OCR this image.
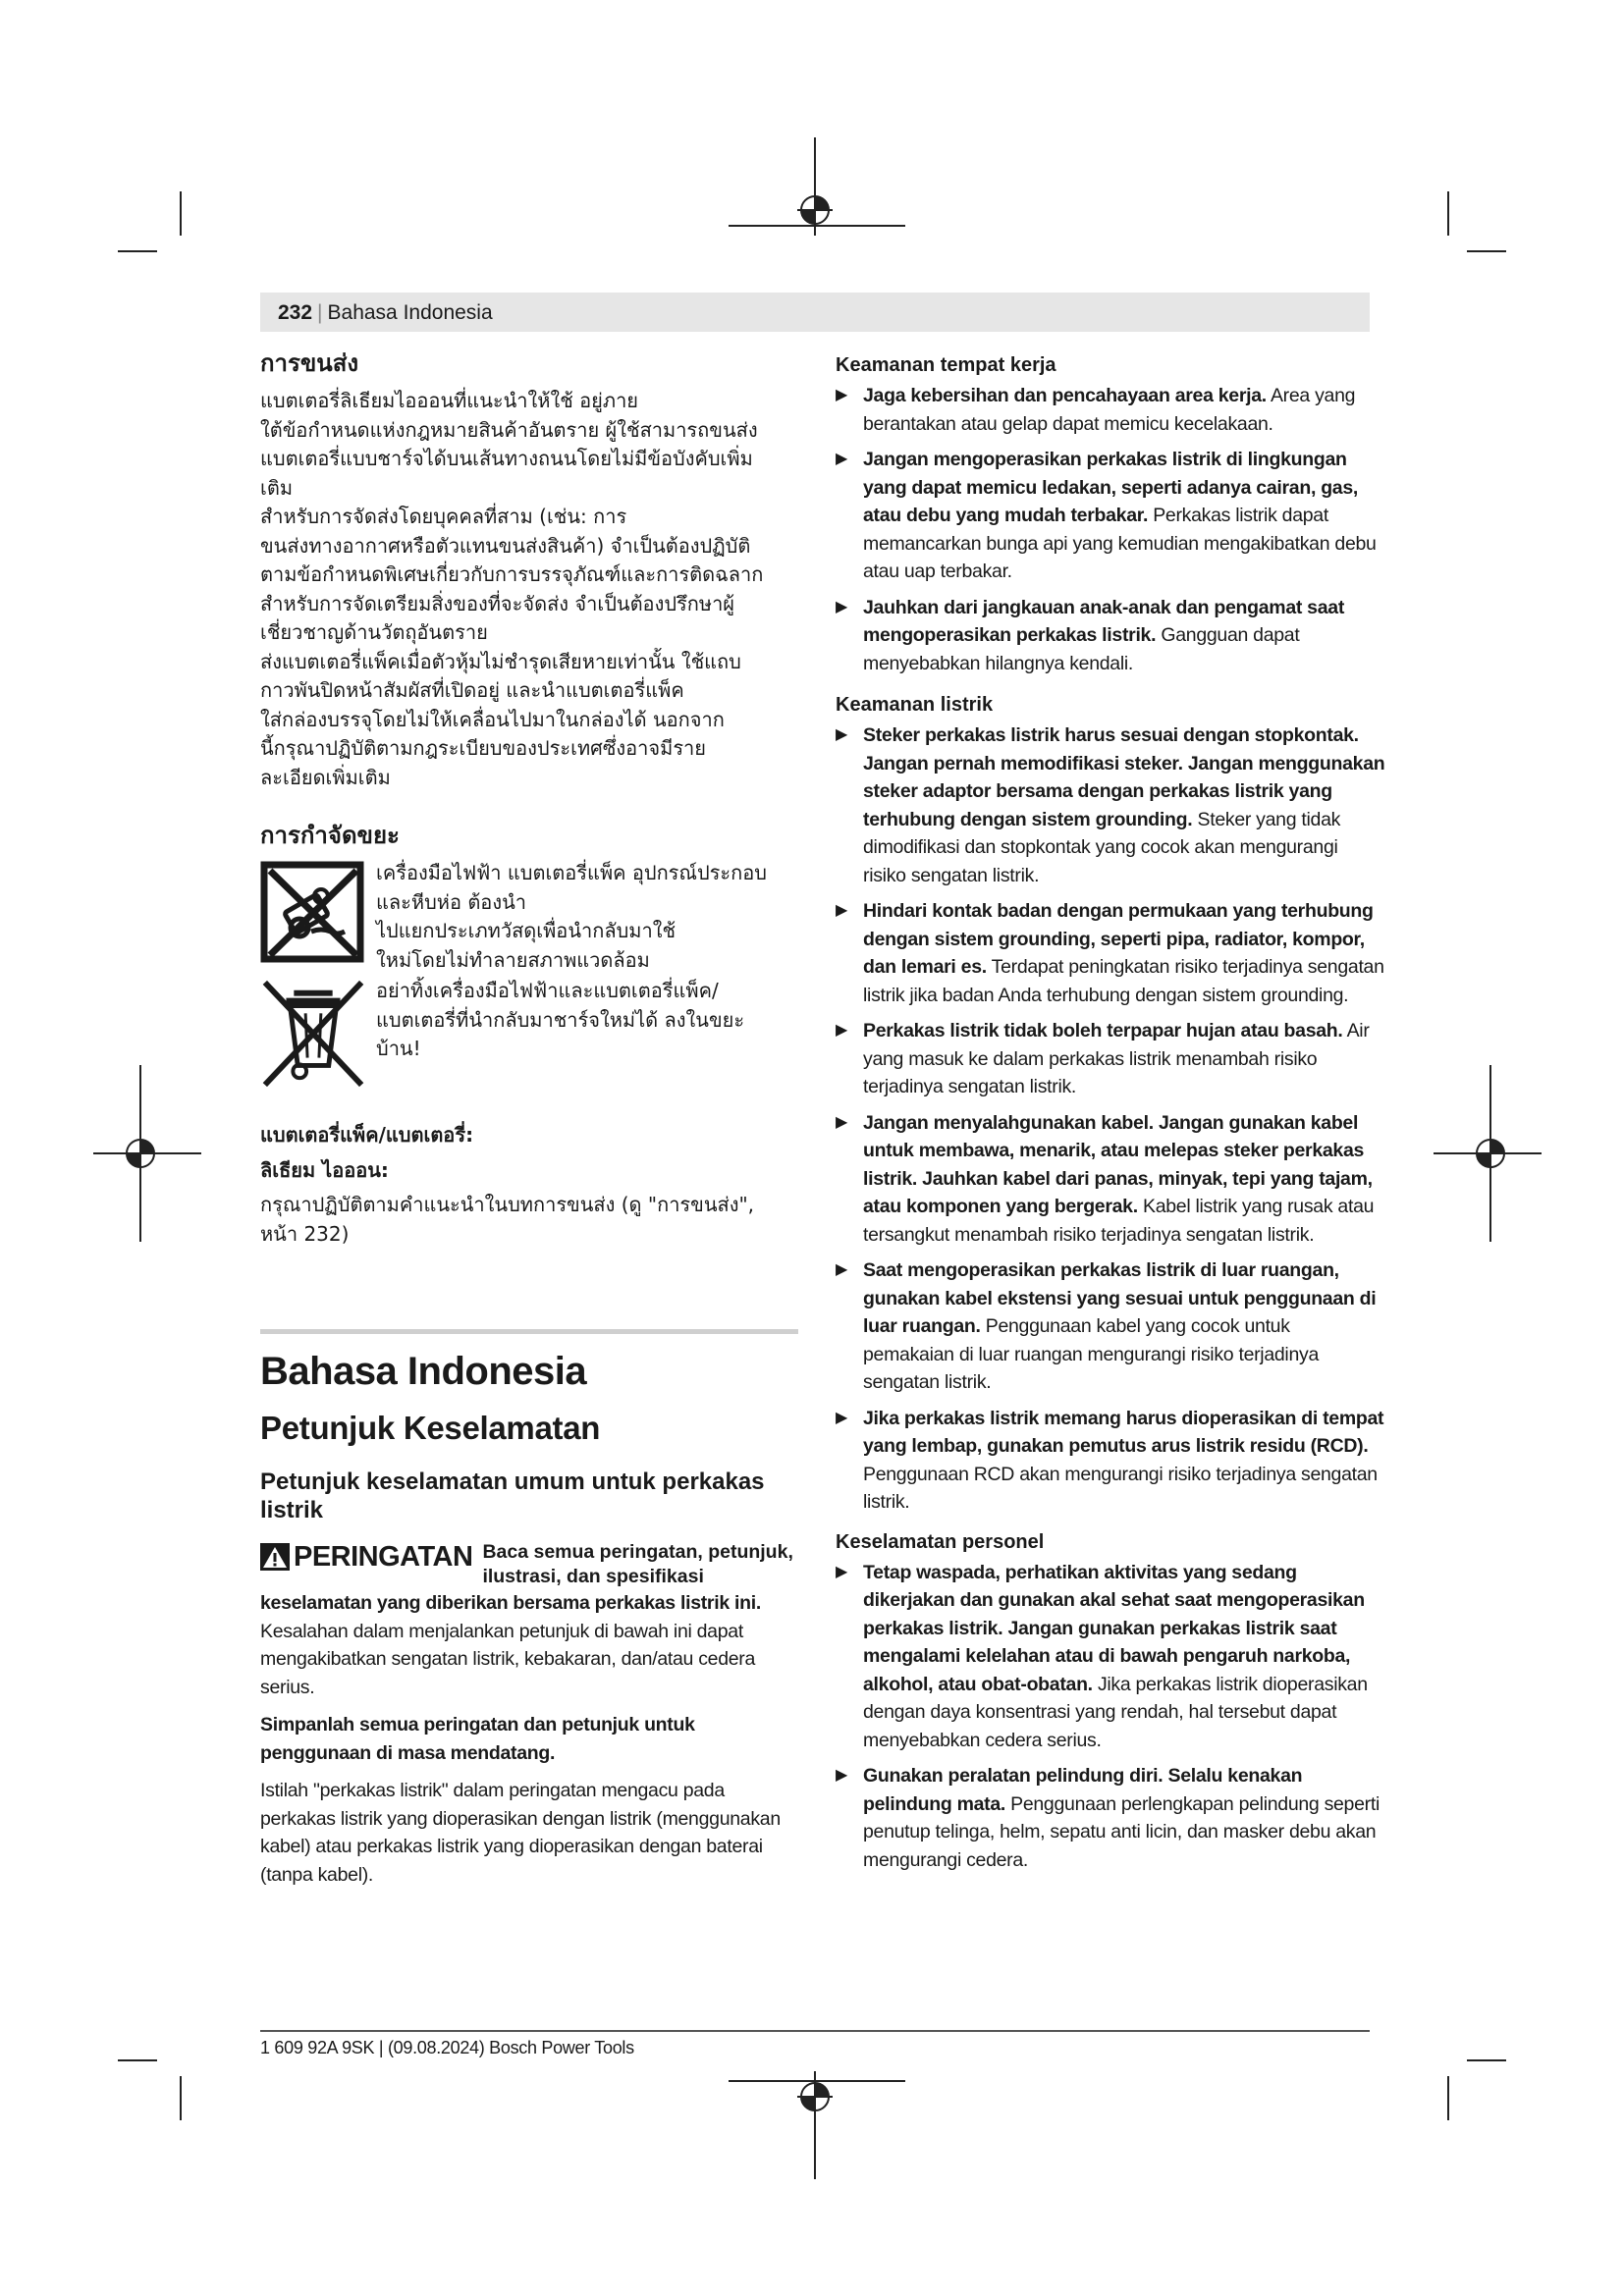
232 | Bahasa Indonesia
การขนส่ง
แบตเตอรี่ลิเธียมไอออนที่แนะนำให้ใช้ อยู่ภาย
ใต้ข้อกำหนดแห่งกฎหมายสินค้าอันตราย ผู้ใช้สามารถขนส่ง
แบตเตอรี่แบบชาร์จได้บนเส้นทางถนนโดยไม่มีข้อบังคับเพิ่ม
เติม
สำหรับการจัดส่งโดยบุคคลที่สาม (เช่น: การ
ขนส่งทางอากาศหรือตัวแทนขนส่งสินค้า) จำเป็นต้องปฏิบัติ
ตามข้อกำหนดพิเศษเกี่ยวกับการบรรจุภัณฑ์และการติดฉลาก
สำหรับการจัดเตรียมสิ่งของที่จะจัดส่ง จำเป็นต้องปรึกษาผู้
เชี่ยวชาญด้านวัตถุอันตราย
ส่งแบตเตอรี่แพ็คเมื่อตัวหุ้มไม่ชำรุดเสียหายเท่านั้น ใช้แถบ
กาวพันปิดหน้าสัมผัสที่เปิดอยู่ และนำแบตเตอรี่แพ็ค
ใส่กล่องบรรจุโดยไม่ให้เคลื่อนไปมาในกล่องได้ นอกจาก
นี้กรุณาปฏิบัติตามกฎระเบียบของประเทศซึ่งอาจมีราย
ละเอียดเพิ่มเติม
การกำจัดขยะ
เครื่องมือไฟฟ้า แบตเตอรี่แพ็ค อุปกรณ์ประกอบ
และหีบห่อ ต้องนำ
ไปแยกประเภทวัสดุเพื่อนำกลับมาใช้
ใหม่โดยไม่ทำลายสภาพแวดล้อม
อย่าทิ้งเครื่องมือไฟฟ้าและแบตเตอรี่แพ็ค/
แบตเตอรี่ที่นำกลับมาชาร์จใหม่ได้ ลงในขยะ
บ้าน!
แบตเตอรี่แพ็ค/แบตเตอรี่:
ลิเธียม ไอออน:
กรุณาปฏิบัติตามคำแนะนำในบทการขนส่ง (ดู "การขนส่ง",
หน้า 232)
Bahasa Indonesia
Petunjuk Keselamatan
Petunjuk keselamatan umum untuk perkakas listrik
PERINGATAN Baca semua peringatan, petunjuk,
ilustrasi, dan spesifikasi

keselamatan yang diberikan bersama perkakas listrik ini. Kesalahan dalam menjalankan petunjuk di bawah ini dapat mengakibatkan sengatan listrik, kebakaran, dan/atau cedera serius.

Simpanlah semua peringatan dan petunjuk untuk penggunaan di masa mendatang.

Istilah "perkakas listrik" dalam peringatan mengacu pada perkakas listrik yang dioperasikan dengan listrik (menggunakan kabel) atau perkakas listrik yang dioperasikan dengan baterai (tanpa kabel).

Keamanan tempat kerja
▶ Jaga kebersihan dan pencahayaan area kerja. Area yang berantakan atau gelap dapat memicu kecelakaan.

▶ Jangan mengoperasikan perkakas listrik di lingkungan yang dapat memicu ledakan, seperti adanya cairan, gas, atau debu yang mudah terbakar. Perkakas listrik dapat memancarkan bunga api yang kemudian mengakibatkan debu atau uap terbakar.

▶ Jauhkan dari jangkauan anak-anak dan pengamat saat mengoperasikan perkakas listrik. Gangguan dapat menyebabkan hilangnya kendali.

Keamanan listrik
▶ Steker perkakas listrik harus sesuai dengan stopkontak. Jangan pernah memodifikasi steker. Jangan menggunakan steker adaptor bersama dengan perkakas listrik yang terhubung dengan sistem grounding. Steker yang tidak dimodifikasi dan stopkontak yang cocok akan mengurangi risiko sengatan listrik.

▶ Hindari kontak badan dengan permukaan yang terhubung dengan sistem grounding, seperti pipa, radiator, kompor, dan lemari es. Terdapat peningkatan risiko terjadinya sengatan listrik jika badan Anda terhubung dengan sistem grounding.

▶ Perkakas listrik tidak boleh terpapar hujan atau basah. Air yang masuk ke dalam perkakas listrik menambah risiko terjadinya sengatan listrik.

▶ Jangan menyalahgunakan kabel. Jangan gunakan kabel untuk membawa, menarik, atau melepas steker perkakas listrik. Jauhkan kabel dari panas, minyak, tepi yang tajam, atau komponen yang bergerak. Kabel listrik yang rusak atau tersangkut menambah risiko terjadinya sengatan listrik.

▶ Saat mengoperasikan perkakas listrik di luar ruangan, gunakan kabel ekstensi yang sesuai untuk penggunaan di luar ruangan. Penggunaan kabel yang cocok untuk pemakaian di luar ruangan mengurangi risiko terjadinya sengatan listrik.

▶ Jika perkakas listrik memang harus dioperasikan di tempat yang lembap, gunakan pemutus arus listrik residu (RCD). Penggunaan RCD akan mengurangi risiko terjadinya sengatan listrik.

Keselamatan personel
▶ Tetap waspada, perhatikan aktivitas yang sedang dikerjakan dan gunakan akal sehat saat mengoperasikan perkakas listrik. Jangan gunakan perkakas listrik saat mengalami kelelahan atau di bawah pengaruh narkoba, alkohol, atau obat-obatan. Jika perkakas listrik dioperasikan dengan daya konsentrasi yang rendah, hal tersebut dapat menyebabkan cedera serius.

▶ Gunakan peralatan pelindung diri. Selalu kenakan pelindung mata. Penggunaan perlengkapan pelindung seperti penutup telinga, helm, sepatu anti licin, dan masker debu akan mengurangi cedera.

1 609 92A 9SK | (09.08.2024) Bosch Power Tools
